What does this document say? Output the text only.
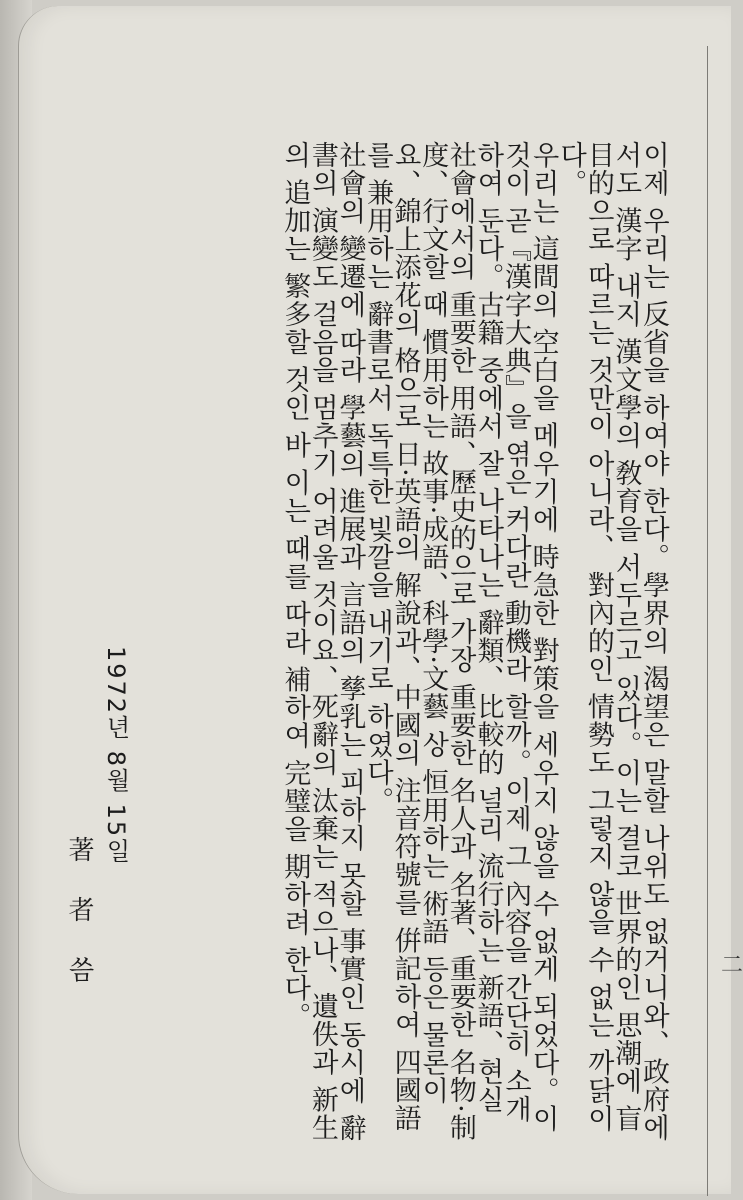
이제 우리는 反省을 하여야 한다。學界의 渴望은 말할 나위도 없거니와、政府에서도 漢字 내지 漢文學의 敎育을 서두르고 있다。이는 결코 世界的인 思潮에 盲目的으로 따르는 것만이 아니라、 對內的인 情勢도 그렇지 않을 수 없는 까닭이다。

우리는 這間의 空白을 메우기에 時急한 對策을 세우지 않을 수 없게 되었다。이것이 곧『漢字大典』을 엮은 커다란 動機라 할까。이제 그 內容을 간단히 소개하여 둔다。古籍 중에서 잘 나타나는 辭類、比較的 널리 流行하는 新語、현실 社會에서의 重要한 用語、歷史的으로 가장 重要한 名人과 名著、重要한 名物·制度、行文할 때 慣用하는 故事·成語、科學·文藝 상 恒用하는 術語 등은 물론이요、錦上添花의 格으로 日·英語의 解說과、中國의 注音符號를 倂記하여 四國語를 兼用하는 辭書로서 독특한 빛깔을 내기로 하였다。

社會의 變遷에 따라 學藝의 進展과 言語의 孳乳는 피하지 못할 事實인 동시에 辭書의 演變도 걸음을 멈추기 어려울 것이요、死辭의 汰棄는 적으나、遺佚과 新生의 追加는 繁多할 것인 바 이는 때를 따라 補하여 完璧을 期하려 한다。

1972년 8월 15일
著者씀	二
